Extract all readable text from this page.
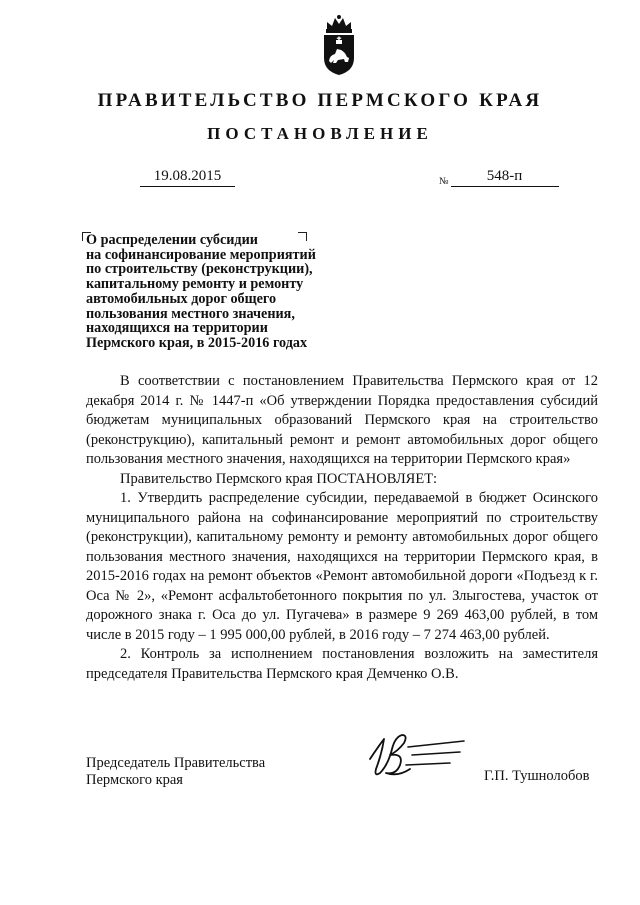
ПРАВИТЕЛЬСТВО ПЕРМСКОГО КРАЯ
ПОСТАНОВЛЕНИЕ
19.08.2015	$_№$	548-п
О распределении субсидии
на софинансирование мероприятий
по строительству (реконструкции),
капитальному ремонту и ремонту
автомобильных дорог общего
пользования местного значения,
находящихся на территории
Пермского края, в 2015-2016 годах

В соответствии с постановлением Правительства Пермского края от 12 декабря 2014 г. № 1447-п «Об утверждении Порядка предоставления субсидий бюджетам муниципальных образований Пермского края на строительство (реконструкцию), капитальный ремонт и ремонт автомобильных дорог общего пользования местного значения, находящихся на территории Пермского края»

Правительство Пермского края ПОСТАНОВЛЯЕТ:

1. Утвердить распределение субсидии, передаваемой в бюджет Осинского муниципального района на софинансирование мероприятий по строительству (реконструкции), капитальному ремонту и ремонту автомобильных дорог общего пользования местного значения, находящихся на территории Пермского края, в 2015-2016 годах на ремонт объектов «Ремонт автомобильной дороги «Подъезд к г. Оса № 2», «Ремонт асфальтобетонного покрытия по ул. Злыгостева, участок от дорожного знака г. Оса до ул. Пугачева» в размере 9 269 463,00 рублей, в том числе в 2015 году – 1 995 000,00 рублей, в 2016 году – 7 274 463,00 рублей.

2. Контроль за исполнением постановления возложить на заместителя председателя Правительства Пермского края Демченко О.В.

Председатель Правительства
Пермского края	Г.П. Тушнолобов
